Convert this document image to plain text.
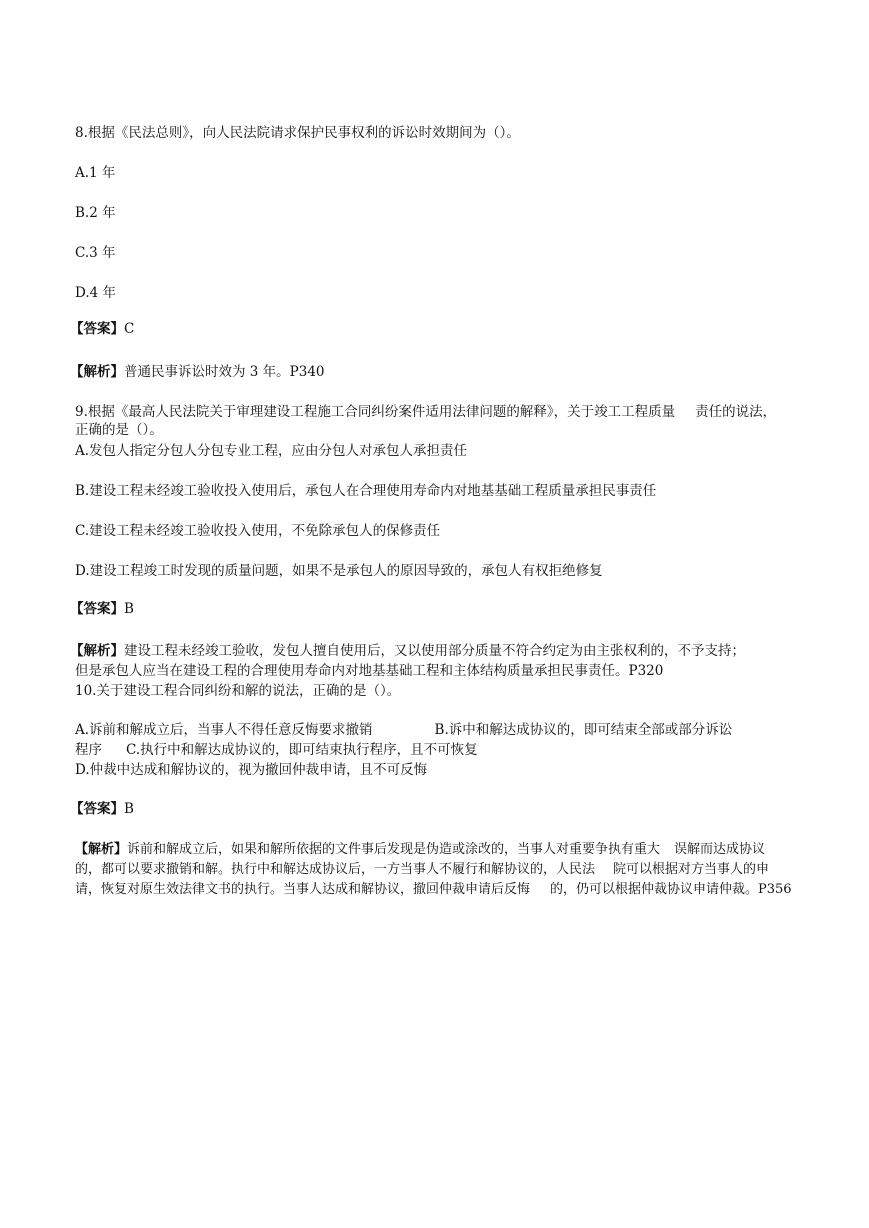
8.根据《民法总则》，向人民法院请求保护民事权利的诉讼时效期间为（）。
A.1 年
B.2 年
C.3 年
D.4 年
【答案】C
【解析】普通民事诉讼时效为 3 年。P340
9.根据《最高人民法院关于审理建设工程施工合同纠纷案件适用法律问题的解释》，关于竣工工程质量 责任的说法，
正确的是（）。
A.发包人指定分包人分包专业工程，应由分包人对承包人承担责任
B.建设工程未经竣工验收投入使用后，承包人在合理使用寿命内对地基基础工程质量承担民事责任
C.建设工程未经竣工验收投入使用，不免除承包人的保修责任
D.建设工程竣工时发现的质量问题，如果不是承包人的原因导致的，承包人有权拒绝修复
【答案】B
【解析】建设工程未经竣工验收，发包人擅自使用后，又以使用部分质量不符合约定为由主张权利的，不予支持；
但是承包人应当在建设工程的合理使用寿命内对地基基础工程和主体结构质量承担民事责任。P320
10.关于建设工程合同纠纷和解的说法，正确的是（）。
A.诉前和解成立后，当事人不得任意反悔要求撤销	B.诉中和解达成协议的，即可结束全部或部分诉讼
程序 C.执行中和解达成协议的，即可结束执行程序，且不可恢复
D.仲裁中达成和解协议的，视为撤回仲裁申请，且不可反悔
【答案】B
【解析】诉前和解成立后，如果和解所依据的文件事后发现是伪造或涂改的，当事人对重要争执有重大 误解而达成协议
的，都可以要求撤销和解。执行中和解达成协议后，一方当事人不履行和解协议的，人民法 院可以根据对方当事人的申
请，恢复对原生效法律文书的执行。当事人达成和解协议，撤回仲裁申请后反悔 的，仍可以根据仲裁协议申请仲裁。P356
